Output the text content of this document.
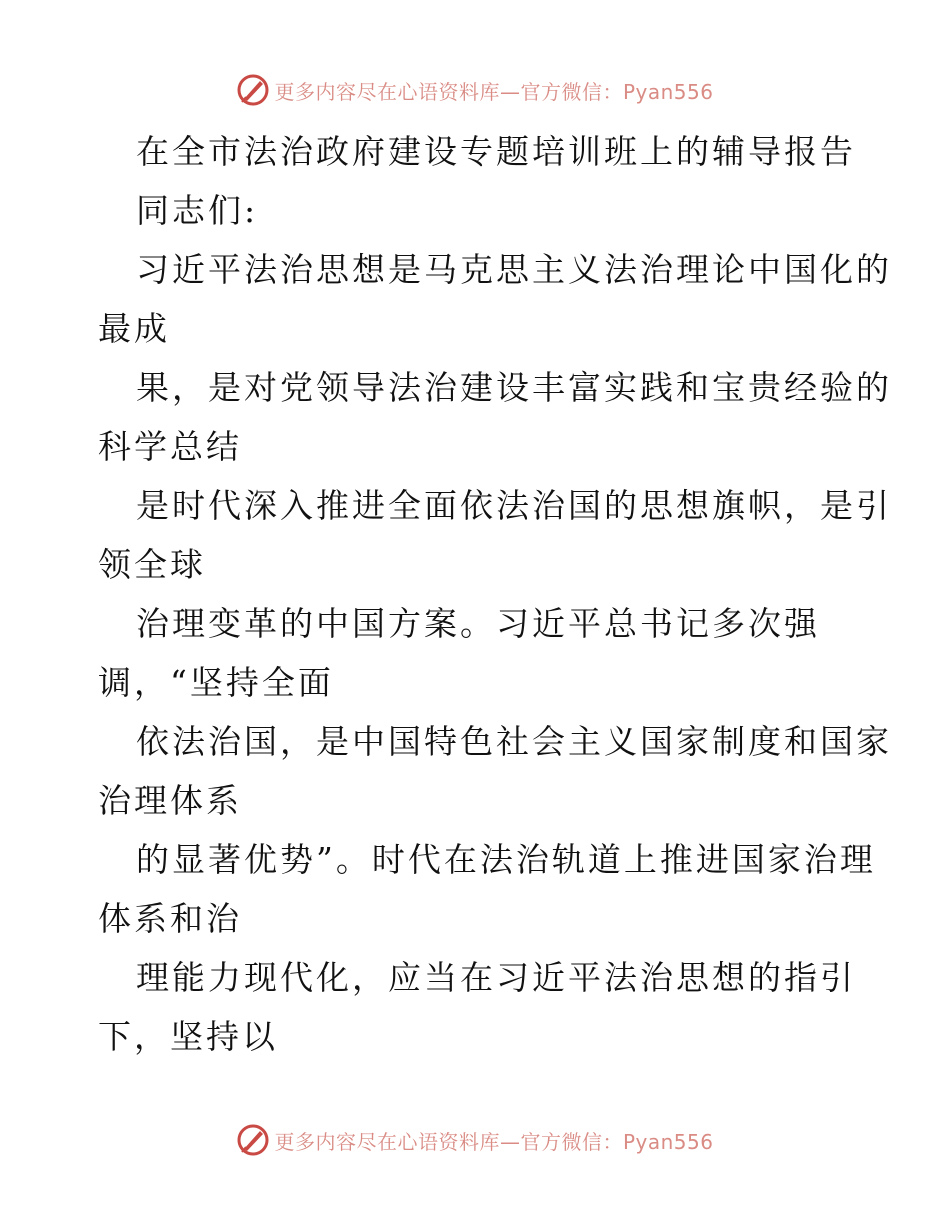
更多内容尽在心语资料库—官方微信：Pyan556
在全市法治政府建设专题培训班上的辅导报告
同志们:
习近平法治思想是马克思主义法治理论中国化的
最成
果，是对党领导法治建设丰富实践和宝贵经验的
科学总结
是时代深入推进全面依法治国的思想旗帜，是引
领全球
治理变革的中国方案。习近平总书记多次强
调，“坚持全面
依法治国，是中国特色社会主义国家制度和国家
治理体系
的显著优势”。时代在法治轨道上推进国家治理
体系和治
理能力现代化，应当在习近平法治思想的指引
下，坚持以
更多内容尽在心语资料库—官方微信：Pyan556
